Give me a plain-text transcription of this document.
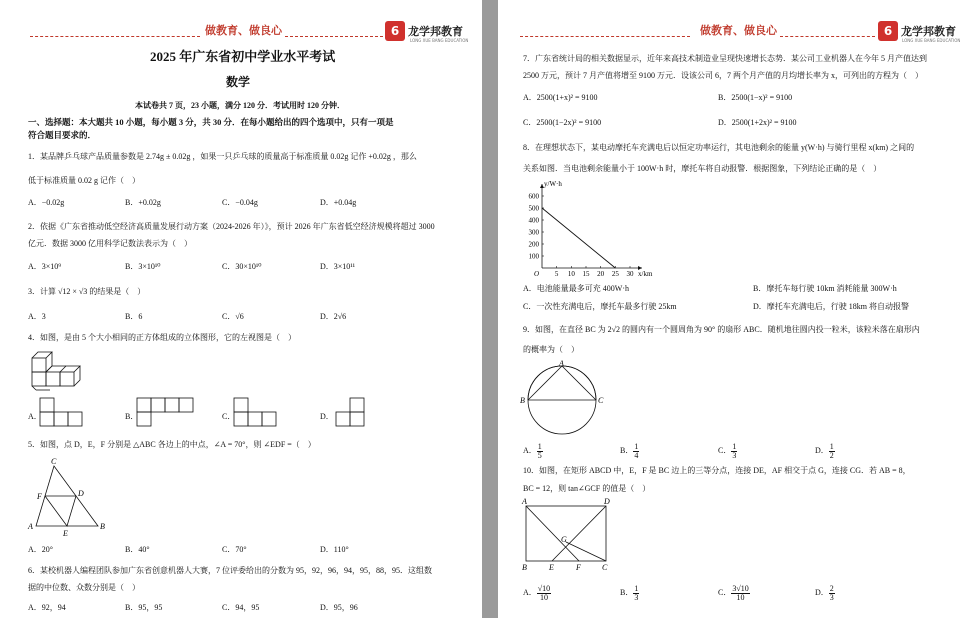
做教育、做良心	6 龙学邦教育
LONG XUE BANG EDUCATION
2025 年广东省初中学业水平考试
数学
本试卷共 7 页，23 小题，满分 120 分．考试用时 120 分钟．
一、选择题：本大题共 10 小题，每小题 3 分，共 30 分．在每小题给出的四个选项中，只有一项是
符合题目要求的．
1．某品牌乒乓球产品质量参数是 2.74g ± 0.02g ，如果一只乒乓球的质量高于标准质量 0.02g 记作 +0.02g ，那么
低于标准质量 0.02 g 记作（　）
A．−0.02g	B．+0.02g	C．−0.04g	D．+0.04g
2．依据《广东省推动低空经济高质量发展行动方案（2024-2026 年）》，预计 2026 年广东省低空经济规模将超过 3000
亿元．数据 3000 亿用科学记数法表示为（　）
A．3×10⁹	B．3×10¹⁰	C．30×10¹⁰	D．3×10¹¹
3．计算 √12 × √3 的结果是（　）
A．3	B．6	C．√6	D．2√6
4．如图，是由 5 个大小相同的正方体组成的立体图形，它的左视图是（　）
A．	B．	C．	D．
5．如图，点 D，E，F 分别是 △ABC 各边上的中点，∠A = 70°，则 ∠EDF =（　）
C
F	D
A
E
B
A．20°	B．40°	C．70°	D．110°
6．某校机器人编程团队参加广东省创意机器人大赛，7 位评委给出的分数为 95，92，96，94，95，88，95．这组数
据的中位数、众数分别是（　）
A．92，94	B．95，95	C．94，95	D．95，96
做教育、做良心	6 龙学邦教育
LONG XUE BANG EDUCATION
7．广东省统计局的相关数据显示，近年来高技术制造业呈现快速增长态势．某公司工业机器人在今年 5 月产值达到
2500 万元，预计 7 月产值将增至 9100 万元．设该公司 6，7 两个月产值的月均增长率为 x，可列出的方程为（　）
A．2500(1+x)² = 9100	B．2500(1−x)² = 9100
C．2500(1−2x)² = 9100	D．2500(1+2x)² = 9100
8．在理想状态下，某电动摩托车充满电后以恒定功率运行，其电池剩余的能量 y(W·h) 与骑行里程 x(km) 之间的
关系如图．当电池剩余能量小于 100W·h 时，摩托车将自动报警．根据图象，下列结论正确的是（　）
x/km
y/W·h
O 5 10 15 20 25 30
100
200
300
400
500
600
A．电池能量最多可充 400W·h	B．摩托车每行驶 10km 消耗能量 300W·h
C．一次性充满电后，摩托车最多行驶 25km	D．摩托车充满电后，行驶 18km 将自动报警
9．如图，在直径 BC 为 2√2 的圆内有一个圆周角为 90° 的扇形 ABC．随机地往圆内投一粒米，该粒米落在扇形内
的概率为（　）
A
B	C
A． $\frac{1}{5}$	B． $\frac{1}{4}$	C． $\frac{1}{3}$	D． $\frac{1}{2}$
10．如图，在矩形 ABCD 中，E，F 是 BC 边上的三等分点，连接 DE，AF 相交于点 G，连接 CG．若 AB = 8，
BC = 12，则 tan∠GCF 的值是（　）
A	D
G
B	E	F	C
A． $\frac{√10}{10}$	B． $\frac{1}{3}$	C． $\frac{3√10}{10}$	D． $\frac{2}{3}$
